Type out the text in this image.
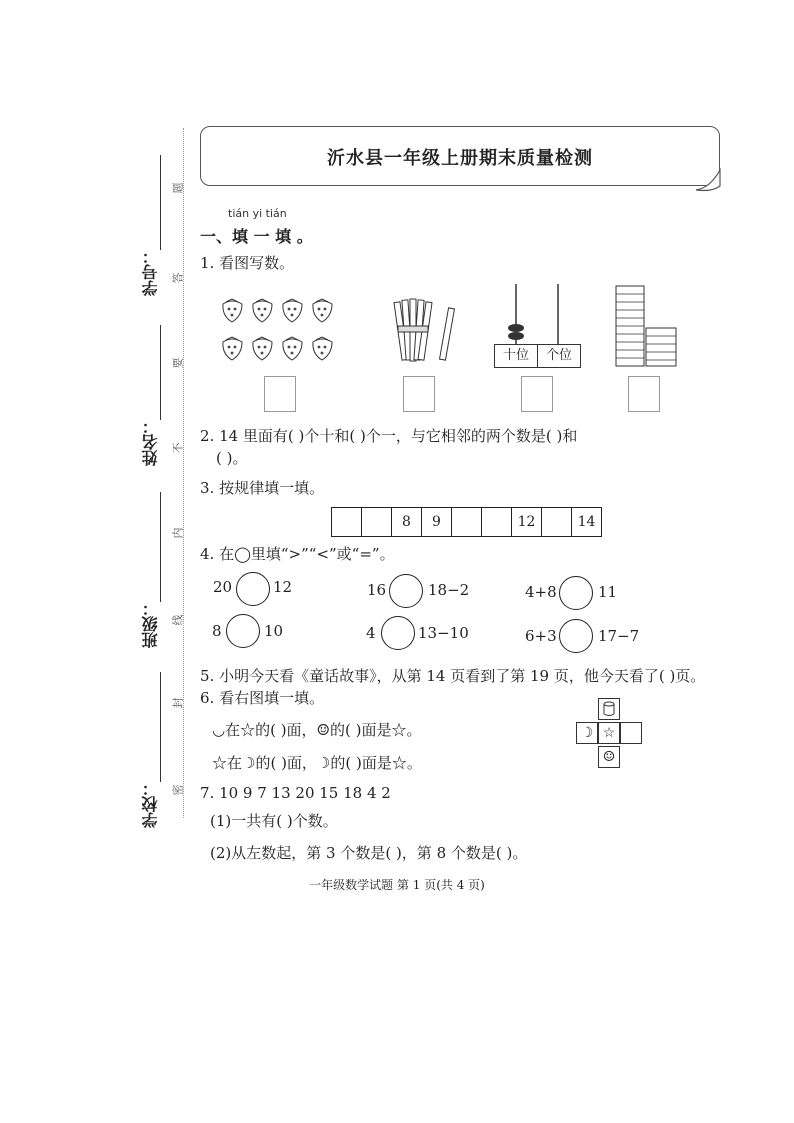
学号：
姓名：
班级：
学校：
题
答
要
不
内
线
封
密
沂水县一年级上册期末质量检测
tián yi tián
一、填 一 填 。
1. 看图写数。
十位	个位
2. 14 里面有( )个十和( )个一，与它相邻的两个数是( )和
( )。
3. 按规律填一填。
8	9	12	14
4. 在◯里填“>”“<”或“=”。
20	12	16	18−2	4+8	11
8	10	4	13−10	6+3	17−7
5. 小明今天看《童话故事》，从第 14 页看到了第 19 页，他今天看了( )页。
6. 看右图填一填。
◡在☆的( )面，☺的( )面是☆。
☆在☽的( )面，☽的( )面是☆。
☽ ☆
☺
7. 10 9 7 13 20 15 18 4 2
(1)一共有( )个数。
(2)从左数起，第 3 个数是( )，第 8 个数是( )。
一年级数学试题 第 1 页(共 4 页)
